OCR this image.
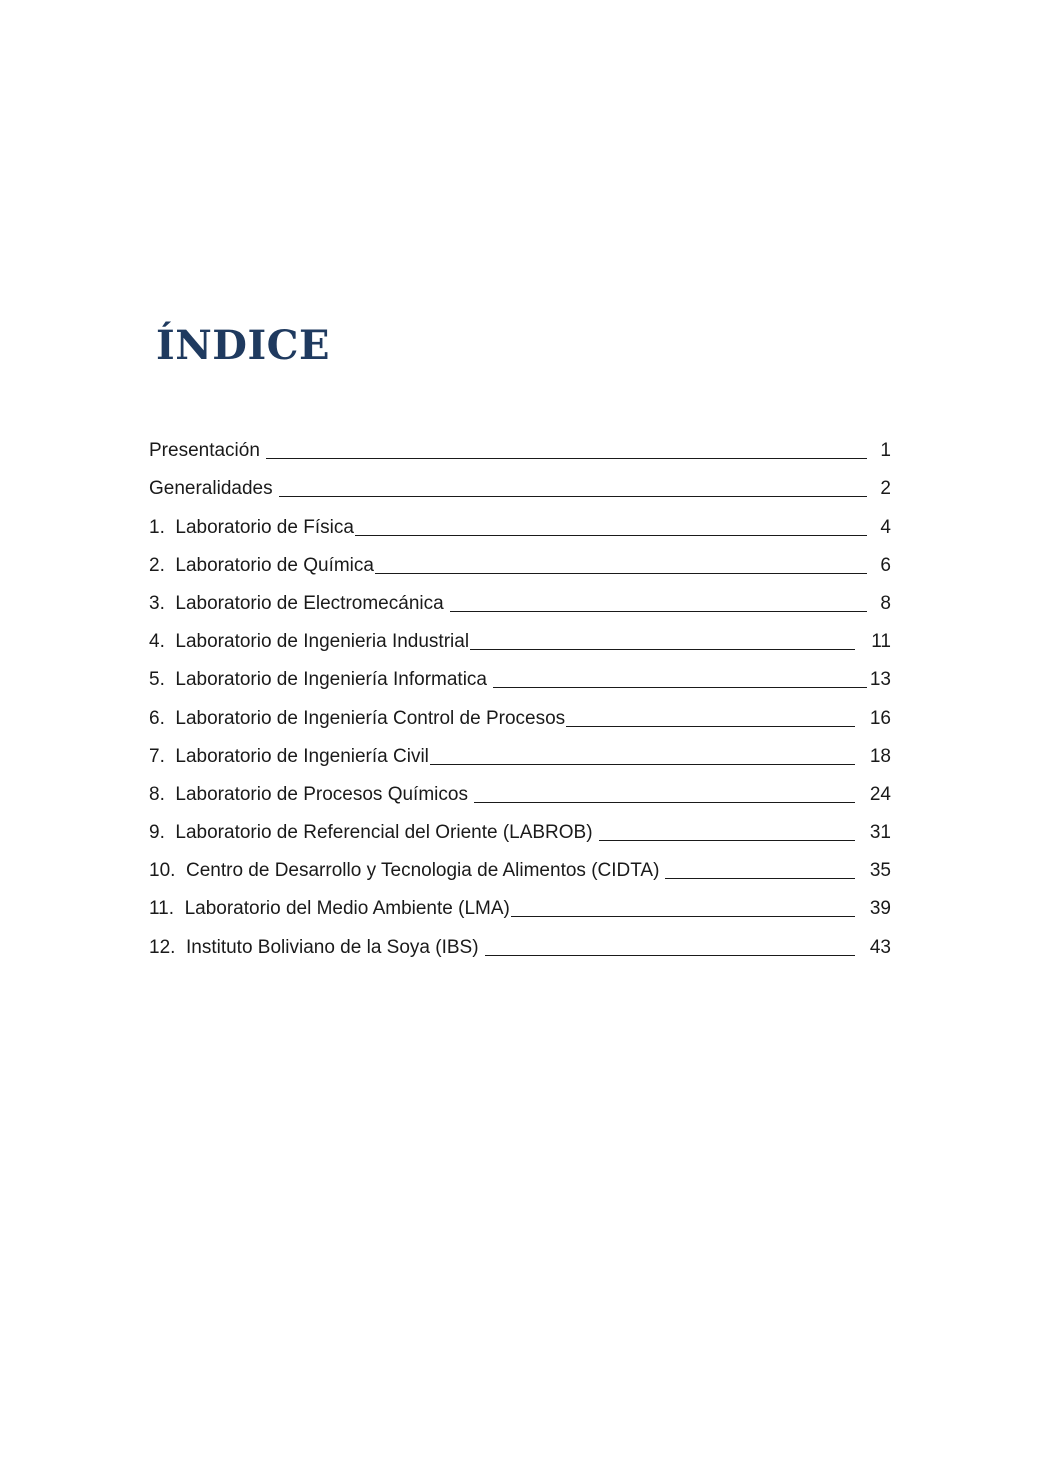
ÍNDICE
Presentación	1
Generalidades	2
1. Laboratorio de Física	4
2. Laboratorio de Química	6
3. Laboratorio de Electromecánica	8
4. Laboratorio de Ingenieria Industrial	11
5. Laboratorio de Ingeniería Informatica	13
6. Laboratorio de Ingeniería Control de Procesos	16
7. Laboratorio de Ingeniería Civil	18
8. Laboratorio de Procesos Químicos	24
9. Laboratorio de Referencial del Oriente (LABROB)	31
10. Centro de Desarrollo y Tecnologia de Alimentos (CIDTA)	35
11. Laboratorio del Medio Ambiente (LMA)	39
12. Instituto Boliviano de la Soya (IBS)	43
